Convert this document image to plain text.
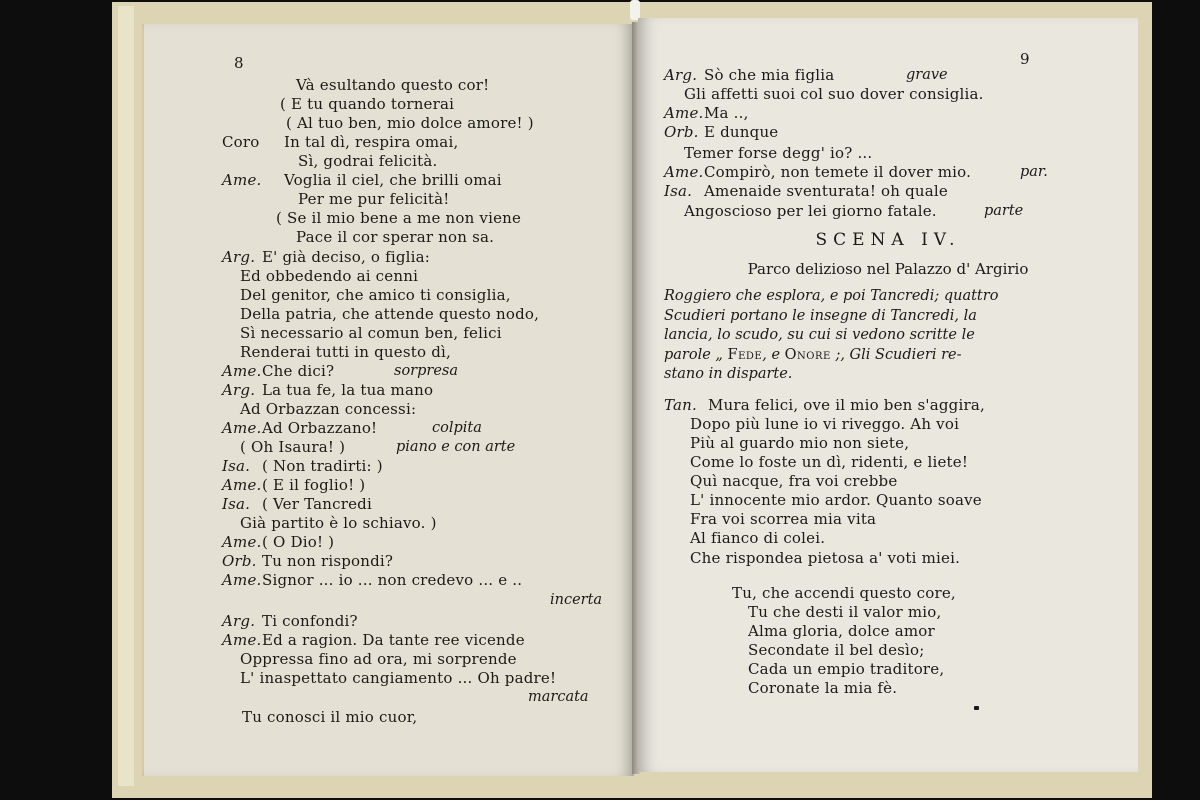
8
Và esultando questo cor!
( E tu quando tornerai
( Al tuo ben, mio dolce amore! )
Coro In tal dì, respira omai,
Sì, godrai felicità.
Ame. Voglia il ciel, che brilli omai
Per me pur felicità!
( Se il mio bene a me non viene
Pace il cor sperar non sa.
Arg. E' già deciso, o figlia:
Ed obbedendo ai cenni
Del genitor, che amico ti consiglia,
Della patria, che attende questo nodo,
Sì necessario al comun ben, felici
Renderai tutti in questo dì,
Ame.Che dici?	sorpresa
Arg. La tua fe, la tua mano
Ad Orbazzan concessi:
Ame.Ad Orbazzano!	colpita
( Oh Isaura! )	piano e con arte
Isa. ( Non tradirti: )
Ame.( E il foglio! )
Isa. ( Ver Tancredi
Già partito è lo schiavo. )
Ame.( O Dio! )
Orb. Tu non rispondi?
Ame.Signor ... io ... non credevo ... e ..
incerta
Arg. Ti confondi?
Ame.Ed a ragion. Da tante ree vicende
Oppressa fino ad ora, mi sorprende
L' inaspettato cangiamento ... Oh padre!
marcata
Tu conosci il mio cuor,
9
Arg. Sò che mia figlia	grave
Gli affetti suoi col suo dover consiglia.
Ame.Ma ..,
Orb. E dunque
Temer forse degg' io? ...
Ame.Compirò, non temete il dover mio.	par.
Isa. Amenaide sventurata! oh quale
Angoscioso per lei giorno fatale.	parte
SCENA IV.
Parco delizioso nel Palazzo d' Argirio
Roggiero che esplora, e poi Tancredi; quattro
Scudieri portano le insegne di Tancredi, la
lancia, lo scudo, su cui si vedono scritte le
parole „ Fede, e Onore ;, Gli Scudieri re-
stano in disparte.
Tan. Mura felici, ove il mio ben s'aggira,
Dopo più lune io vi riveggo. Ah voi
Più al guardo mio non siete,
Come lo foste un dì, ridenti, e liete!
Quì nacque, fra voi crebbe
L' innocente mio ardor. Quanto soave
Fra voi scorrea mia vita
Al fianco di colei.
Che rispondea pietosa a' voti miei.
Tu, che accendi questo core,
Tu che desti il valor mio,
Alma gloria, dolce amor
Secondate il bel desìo;
Cada un empio traditore,
Coronate la mia fè.
